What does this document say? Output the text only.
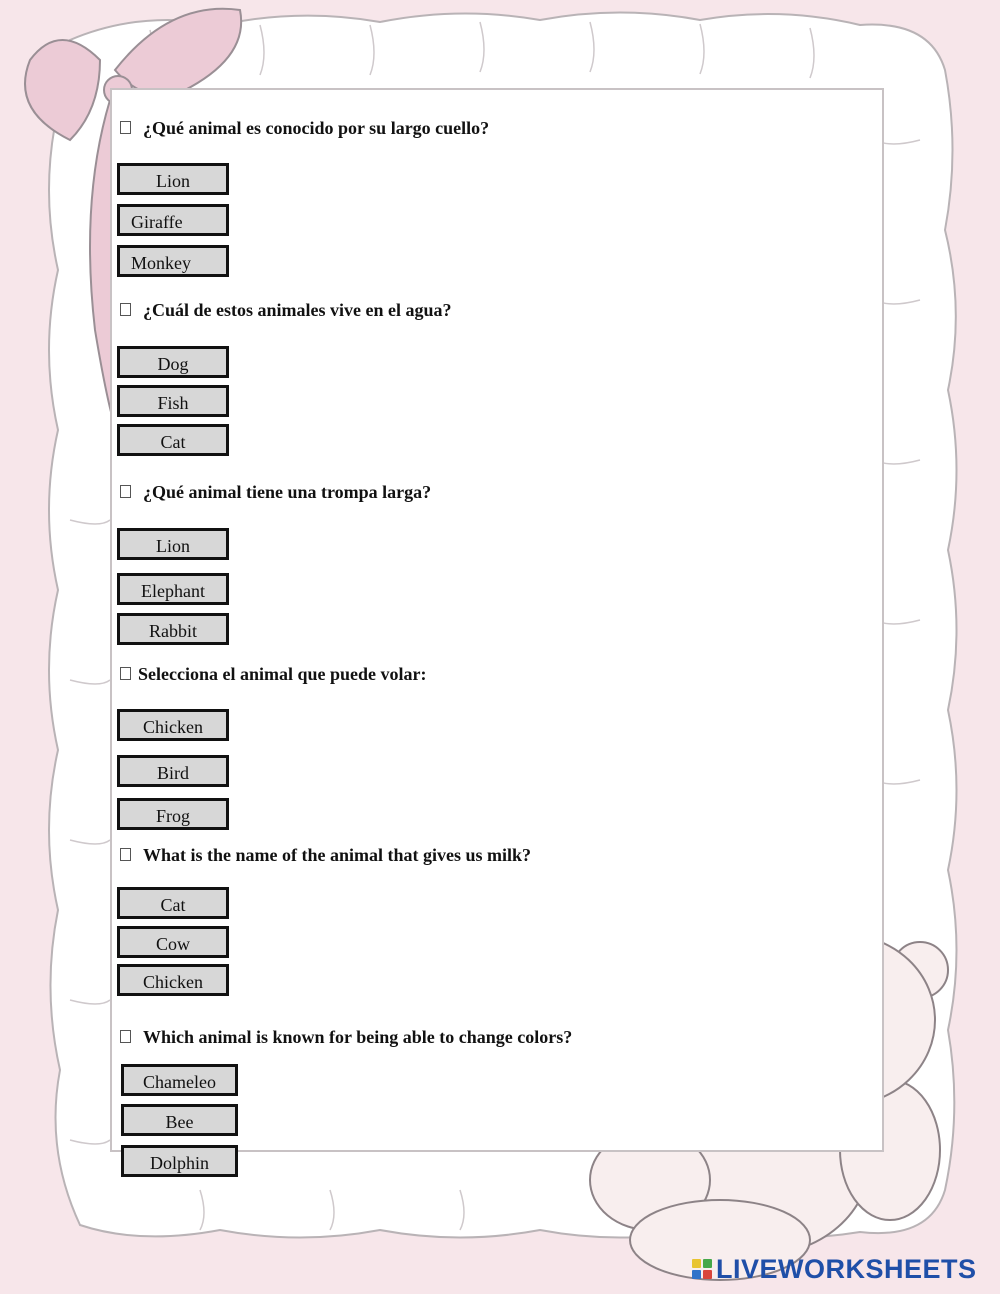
¿Qué animal es conocido por su largo cuello?
Lion
Giraffe
Monkey
¿Cuál de estos animales vive en el agua?
Dog
Fish
Cat
¿Qué animal tiene una trompa larga?
Lion
Elephant
Rabbit
Selecciona el animal que puede volar:
Chicken
Bird
Frog
What is the name of the animal that gives us milk?
Cat
Cow
Chicken
Which animal is known for being able to change colors?
Chameleo
Bee
Dolphin
LIVEWORKSHEETS
